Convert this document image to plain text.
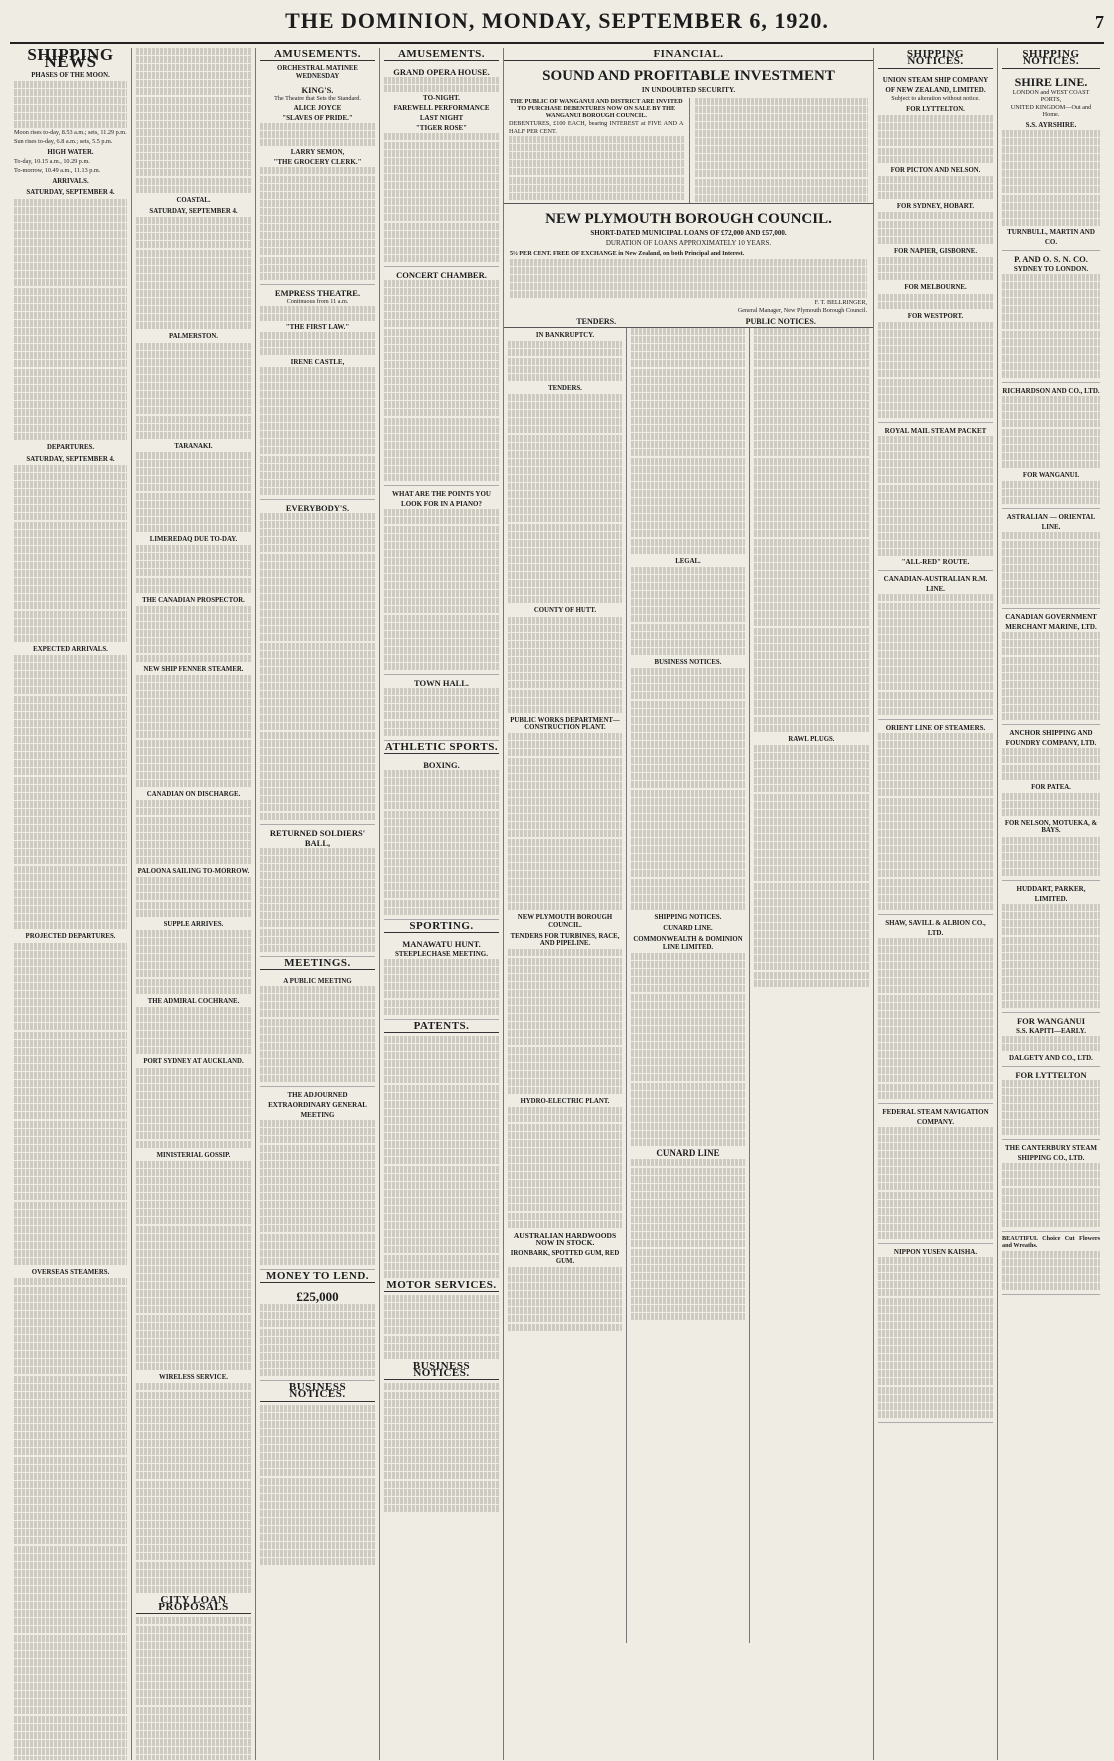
THE DOMINION, MONDAY, SEPTEMBER 6, 1920.	7
SHIPPING NEWS
PHASES OF THE MOON.

Moon rises to-day, 8.53 a.m.; sets, 11.29 p.m.

Sun rises to-day, 6.8 a.m.; sets, 5.5 p.m.

HIGH WATER.

To-day, 10.15 a.m., 10.29 p.m.

To-morrow, 10.49 a.m., 11.13 p.m.

ARRIVALS.
SATURDAY, SEPTEMBER 4.
DEPARTURES.
SATURDAY, SEPTEMBER 4.
EXPECTED ARRIVALS.
PROJECTED DEPARTURES.
OVERSEAS STEAMERS.
COASTAL.
SATURDAY, SEPTEMBER 4.
PALMERSTON.
TARANAKI.
LIMEREDAQ DUE TO-DAY.
THE CANADIAN PROSPECTOR.
NEW SHIP FENNER STEAMER.
CANADIAN ON DISCHARGE.
PALOONA SAILING TO-MORROW.
SUPPLE ARRIVES.
THE ADMIRAL COCHRANE.
PORT SYDNEY AT AUCKLAND.
MINISTERIAL GOSSIP.
WIRELESS SERVICE.
CITY LOAN PROPOSALS
AMUSEMENTS.
ORCHESTRAL MATINEE WEDNESDAY
KING'S.

The Theatre that Sets the Standard.

ALICE JOYCE
"SLAVES OF PRIDE."
LARRY SEMON,
"THE GROCERY CLERK."
EMPRESS THEATRE.

Continuous from 11 a.m.

"THE FIRST LAW."
IRENE CASTLE,
EVERYBODY'S.
RETURNED SOLDIERS' BALL,
MEETINGS.
A PUBLIC MEETING
THE ADJOURNED EXTRAORDINARY GENERAL MEETING
MONEY TO LEND.
£25,000
BUSINESS NOTICES.
AMUSEMENTS.
GRAND OPERA HOUSE.
TO-NIGHT.
FAREWELL PERFORMANCE
LAST NIGHT
"TIGER ROSE"
CONCERT CHAMBER.
WHAT ARE THE POINTS YOU LOOK FOR IN A PIANO?
TOWN HALL.
ATHLETIC SPORTS.
BOXING.
SPORTING.
MANAWATU HUNT.
STEEPLECHASE MEETING.
PATENTS.
MOTOR SERVICES.
BUSINESS NOTICES.
FINANCIAL.
SOUND AND PROFITABLE INVESTMENT
IN UNDOUBTED SECURITY.

THE PUBLIC OF WANGANUI AND DISTRICT ARE INVITED TO PURCHASE DEBENTURES NOW ON SALE BY THE WANGANUI BOROUGH COUNCIL.

DEBENTURES, £100 EACH, bearing INTEREST at FIVE AND A HALF PER CENT.

NEW PLYMOUTH BOROUGH COUNCIL.
SHORT-DATED MUNICIPAL LOANS OF £72,000 AND £57,000.
DURATION OF LOANS APPROXIMATELY 10 YEARS.

5½ PER CENT. FREE OF EXCHANGE in New Zealand, on both Principal and Interest.

F. T. BELLRINGER,

General Manager, New Plymouth Borough Council.

TENDERS.	PUBLIC NOTICES.
IN BANKRUPTCY.
TENDERS.
COUNTY OF HUTT.
PUBLIC WORKS DEPARTMENT— CONSTRUCTION PLANT.
NEW PLYMOUTH BOROUGH COUNCIL.
TENDERS FOR TURBINES, RACE, AND PIPELINE.
HYDRO-ELECTRIC PLANT.
AUSTRALIAN HARDWOODS NOW IN STOCK.
IRONBARK, SPOTTED GUM, RED GUM.
LEGAL.
BUSINESS NOTICES.
SHIPPING NOTICES.
CUNARD LINE.
COMMONWEALTH & DOMINION LINE LIMITED.
CUNARD LINE
RAWL PLUGS.
SHIPPING NOTICES.
UNION STEAM SHIP COMPANY OF NEW ZEALAND, LIMITED.

Subject to alteration without notice.

FOR LYTTELTON.
FOR PICTON AND NELSON.
FOR SYDNEY, HOBART.
FOR NAPIER, GISBORNE.
FOR MELBOURNE.
FOR WESTPORT.
ROYAL MAIL STEAM PACKET
"ALL-RED" ROUTE.
CANADIAN-AUSTRALIAN R.M. LINE.
ORIENT LINE OF STEAMERS.
SHAW, SAVILL & ALBION CO., LTD.
FEDERAL STEAM NAVIGATION COMPANY.
NIPPON YUSEN KAISHA.
SHIPPING NOTICES.
SHIRE LINE.

LONDON and WEST COAST PORTS,

UNITED KINGDOM—Out and Home.

S.S. AYRSHIRE.
TURNBULL, MARTIN AND CO.
P. AND O. S. N. CO.
SYDNEY TO LONDON.
RICHARDSON AND CO., LTD.
FOR WANGANUI.
ASTRALIAN — ORIENTAL LINE.
CANADIAN GOVERNMENT MERCHANT MARINE, LTD.
ANCHOR SHIPPING AND FOUNDRY COMPANY, LTD.
FOR PATEA.
FOR NELSON, MOTUEKA, & BAYS.
HUDDART, PARKER, LIMITED.
FOR WANGANUI
S.S. KAPITI—EARLY.
DALGETY AND CO., LTD.
FOR LYTTELTON
THE CANTERBURY STEAM SHIPPING CO., LTD.

BEAUTIFUL Choice Cut Flowers and Wreaths.
